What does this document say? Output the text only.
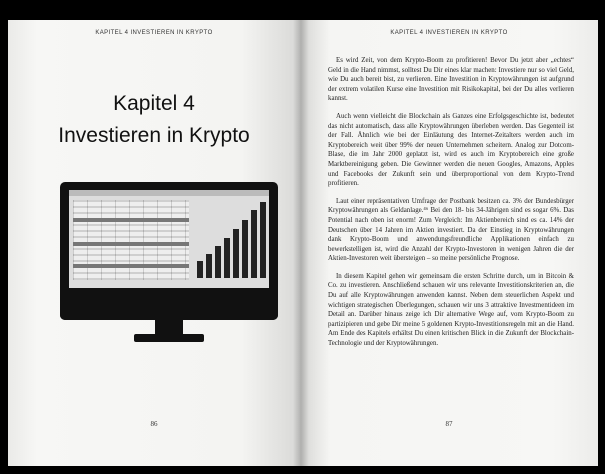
KAPITEL 4 INVESTIEREN IN KRYPTO
Kapitel 4
Investieren in Krypto
86
KAPITEL 4 INVESTIEREN IN KRYPTO

Es wird Zeit, von dem Krypto-Boom zu profitieren! Bevor Du jetzt aber „echtes“ Geld in die Hand nimmst, solltest Du Dir eines klar machen: Investiere nur so viel Geld, wie Du auch bereit bist, zu verlieren. Eine Investition in Kryptowährungen ist aufgrund der extrem volatilen Kurse eine Investition mit Risikokapital, bei der Du alles verlieren kannst.

Auch wenn vielleicht die Blockchain als Ganzes eine Erfolgsgeschichte ist, bedeutet das nicht automatisch, dass alle Kryptowährungen überleben werden. Das Gegenteil ist der Fall. Ähnlich wie bei der Einläutung des Internet-Zeitalters werden auch im Kryptobereich weit über 99% der neuen Unternehmen scheitern. Analog zur Dotcom-Blase, die im Jahr 2000 geplatzt ist, wird es auch im Kryptobereich eine große Marktbereinigung geben. Die Gewinner werden die neuen Googles, Amazons, Apples und Facebooks der Zukunft sein und überproportional von dem Krypto-Trend profitieren.

Laut einer repräsentativen Umfrage der Postbank besitzen ca. 3% der Bundesbürger Kryptowährungen als Geldanlage.⁴⁶ Bei den 18- bis 34-Jährigen sind es sogar 6%. Das Potential nach oben ist enorm! Zum Vergleich: Im Aktienbereich sind es ca. 14% der Deutschen über 14 Jahren im Aktien investiert. Da der Einstieg in Kryptowährungen dank Krypto-Boom und anwendungsfreundliche Applikationen einfach zu bewerkstelligen ist, wird die Anzahl der Krypto-Investoren in wenigen Jahren die der Aktien-Investoren weit übersteigen – so meine persönliche Prognose.

In diesem Kapitel gehen wir gemeinsam die ersten Schritte durch, um in Bitcoin & Co. zu investieren. Anschließend schauen wir uns relevante Investitionskriterien an, die Du auf alle Kryptowährungen anwenden kannst. Neben dem steuerlichen Aspekt und wichtigen strategischen Überlegungen, schauen wir uns 3 attraktive Investmentideen im Detail an. Darüber hinaus zeige ich Dir alternative Wege auf, vom Krypto-Boom zu partizipieren und gebe Dir meine 5 goldenen Krypto-Investitionsregeln mit an die Hand. Am Ende des Kapitels erhältst Du einen kritischen Blick in die Zukunft der Blockchain-Technologie und der Kryptowährungen.

87
